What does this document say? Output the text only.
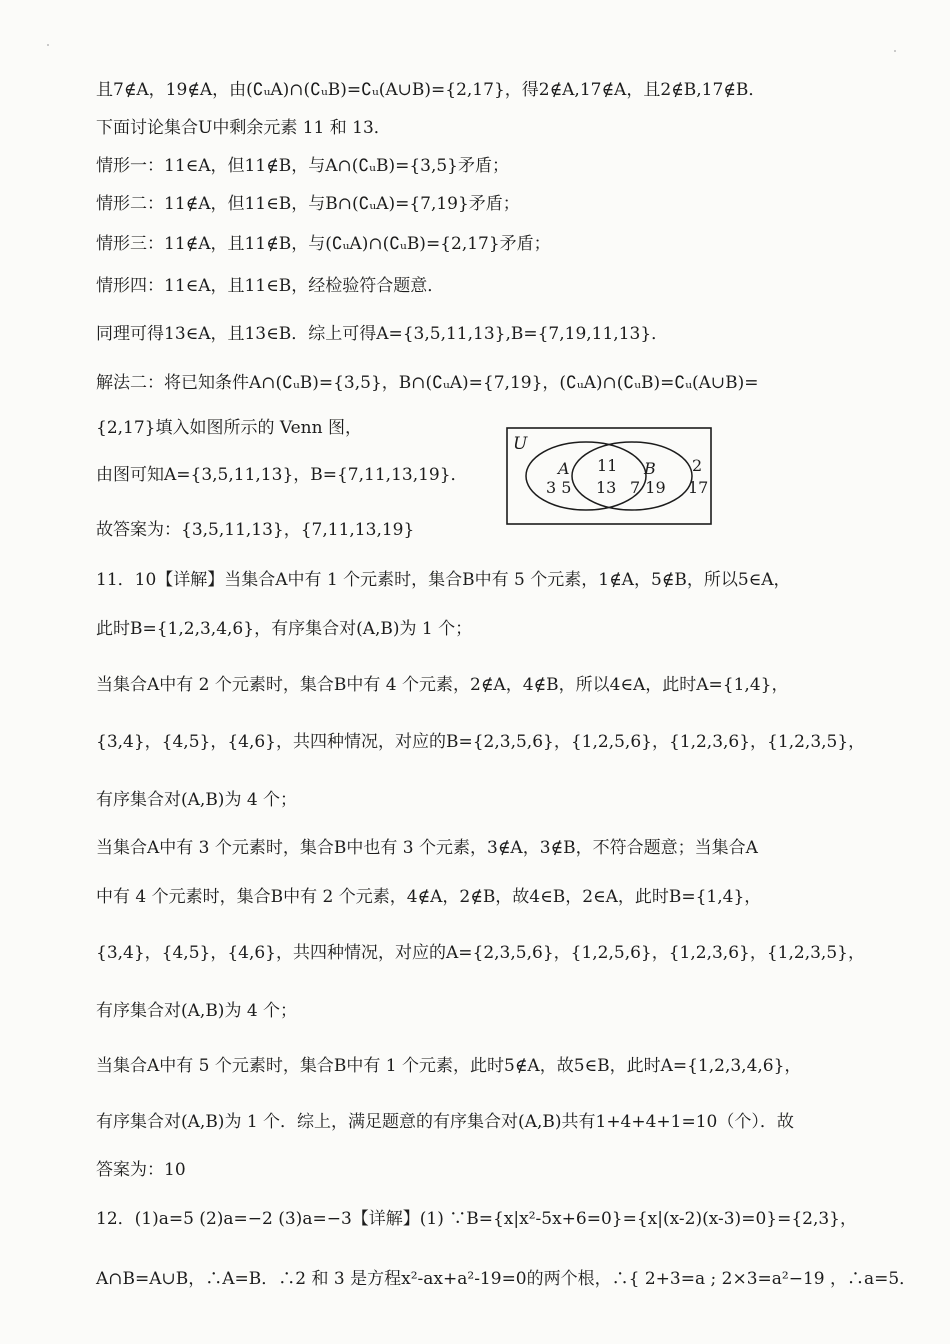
且7∉A，19∉A，由(∁ᵤA)∩(∁ᵤB)=∁ᵤ(A∪B)={2,17}，得2∉A,17∉A，且2∉B,17∉B．
下面讨论集合U中剩余元素 11 和 13．
情形一：11∈A，但11∉B，与A∩(∁ᵤB)={3,5}矛盾；
情形二：11∉A，但11∈B，与B∩(∁ᵤA)={7,19}矛盾；
情形三：11∉A，且11∉B，与(∁ᵤA)∩(∁ᵤB)={2,17}矛盾；
情形四：11∈A，且11∈B，经检验符合题意．
同理可得13∈A，且13∈B．综上可得A={3,5,11,13},B={7,19,11,13}．
解法二：将已知条件A∩(∁ᵤB)={3,5}，B∩(∁ᵤA)={7,19}，(∁ᵤA)∩(∁ᵤB)=∁ᵤ(A∪B)=
{2,17}填入如图所示的 Venn 图，
由图可知A={3,5,11,13}，B={7,11,13,19}．
故答案为：{3,5,11,13}，{7,11,13,19}
U
A
3 5
11
13
B
7 19
2
17
11．10【详解】当集合A中有 1 个元素时，集合B中有 5 个元素，1∉A，5∉B，所以5∈A，
此时B={1,2,3,4,6}，有序集合对(A,B)为 1 个；
当集合A中有 2 个元素时，集合B中有 4 个元素，2∉A，4∉B，所以4∈A，此时A={1,4}，
{3,4}，{4,5}，{4,6}，共四种情况，对应的B={2,3,5,6}，{1,2,5,6}，{1,2,3,6}，{1,2,3,5}，
有序集合对(A,B)为 4 个；
当集合A中有 3 个元素时，集合B中也有 3 个元素，3∉A，3∉B，不符合题意；当集合A
中有 4 个元素时，集合B中有 2 个元素，4∉A，2∉B，故4∈B，2∈A，此时B={1,4}，
{3,4}，{4,5}，{4,6}，共四种情况，对应的A={2,3,5,6}，{1,2,5,6}，{1,2,3,6}，{1,2,3,5}，
有序集合对(A,B)为 4 个；
当集合A中有 5 个元素时，集合B中有 1 个元素，此时5∉A，故5∈B，此时A={1,2,3,4,6}，
有序集合对(A,B)为 1 个．综上，满足题意的有序集合对(A,B)共有1+4+4+1=10（个）．故
答案为：10
12．(1)a=5 (2)a=−2 (3)a=−3【详解】(1) ∵B={x|x²-5x+6=0}={x|(x-2)(x-3)=0}={2,3}，
A∩B=A∪B，∴A=B．∴2 和 3 是方程x²-ax+a²-19=0的两个根，∴{ 2+3=a ; 2×3=a²−19 ，∴a=5．
